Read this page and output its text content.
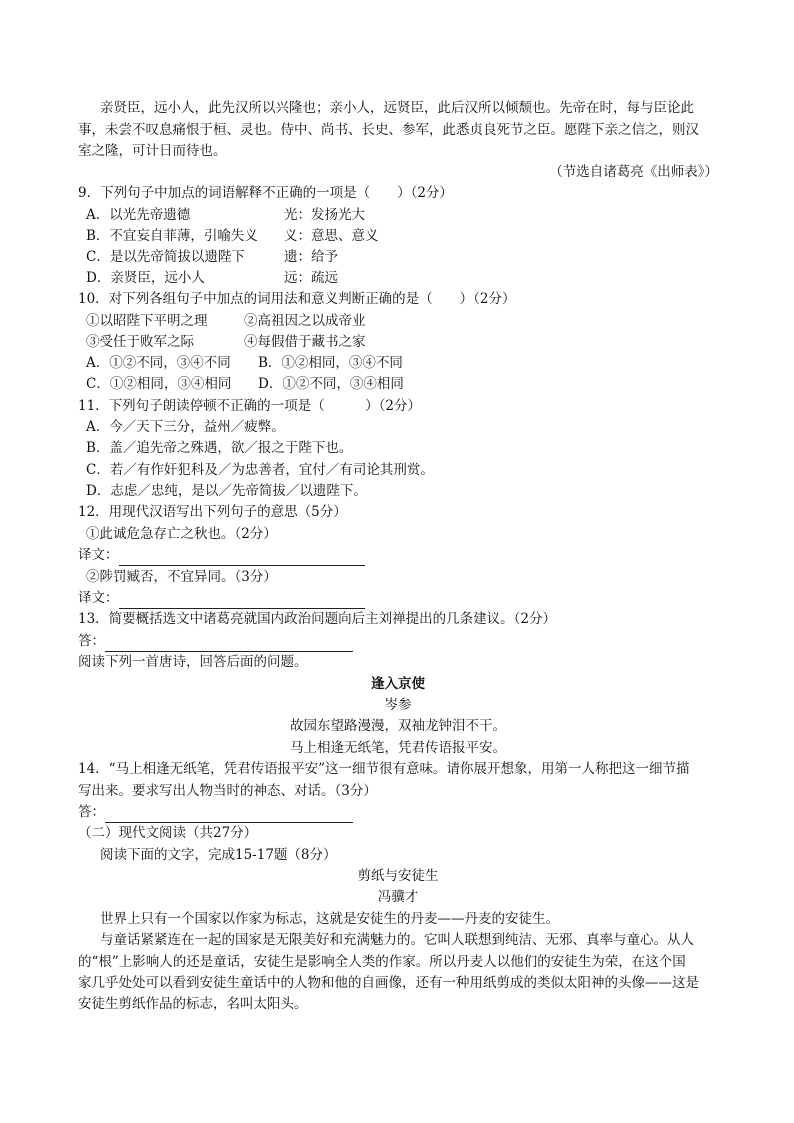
亲贤臣，远小人，此先汉所以兴隆也；亲小人，远贤臣，此后汉所以倾颓也。先帝在时，每与臣论此
事，未尝不叹息痛恨于桓、灵也。侍中、尚书、长史、参军，此悉贞良死节之臣。愿陛下亲之信之，则汉
室之隆，可计日而待也。
（节选自诸葛亮《出师表》）
9．下列句子中加点的词语解释不正确的一项是（　　）（2分）
A．以光先帝遗德	光：发扬光大
B．不宜妄自菲薄，引喻失义 义：意思、意义
C．是以先帝简拔以遗陛下	遗：给予
D．亲贤臣，远小人	远：疏远
10．对下列各组句子中加点的词用法和意义判断正确的是（　　）（2分）
①以昭陛下平明之理	②高祖因之以成帝业
③受任于败军之际	④每假借于藏书之家
A．①②不同，③④不同 B．①②相同，③④不同
C．①②相同，③④相同 D．①②不同，③④相同
11．下列句子朗读停顿不正确的一项是（　　　）（2分）
A．今／天下三分，益州／疲弊。
B．盖／追先帝之殊遇，欲／报之于陛下也。
C．若／有作奸犯科及／为忠善者，宜付／有司论其刑赏。
D．志虑／忠纯，是以／先帝简拔／以遗陛下。
12．用现代汉语写出下列句子的意思（5分）
①此诚危急存亡之秋也。（2分）
译文：
②陟罚臧否，不宜异同。（3分）
译文：
13．简要概括选文中诸葛亮就国内政治问题向后主刘禅提出的几条建议。（2分）
答：
阅读下列一首唐诗，回答后面的问题。
逢入京使
岑参
故园东望路漫漫，双袖龙钟泪不干。
马上相逢无纸笔，凭君传语报平安。
14．“马上相逢无纸笔，凭君传语报平安”这一细节很有意味。请你展开想象，用第一人称把这一细节描
写出来。要求写出人物当时的神态、对话。（3分）
答：
（二）现代文阅读（共27分）
阅读下面的文字，完成15-17题（8分）
剪纸与安徒生
冯骥才
世界上只有一个国家以作家为标志，这就是安徒生的丹麦——丹麦的安徒生。
与童话紧紧连在一起的国家是无限美好和充满魅力的。它叫人联想到纯洁、无邪、真率与童心。从人
的“根”上影响人的还是童话，安徒生是影响全人类的作家。所以丹麦人以他们的安徒生为荣，在这个国
家几乎处处可以看到安徒生童话中的人物和他的自画像，还有一种用纸剪成的类似太阳神的头像——这是
安徒生剪纸作品的标志，名叫太阳头。
